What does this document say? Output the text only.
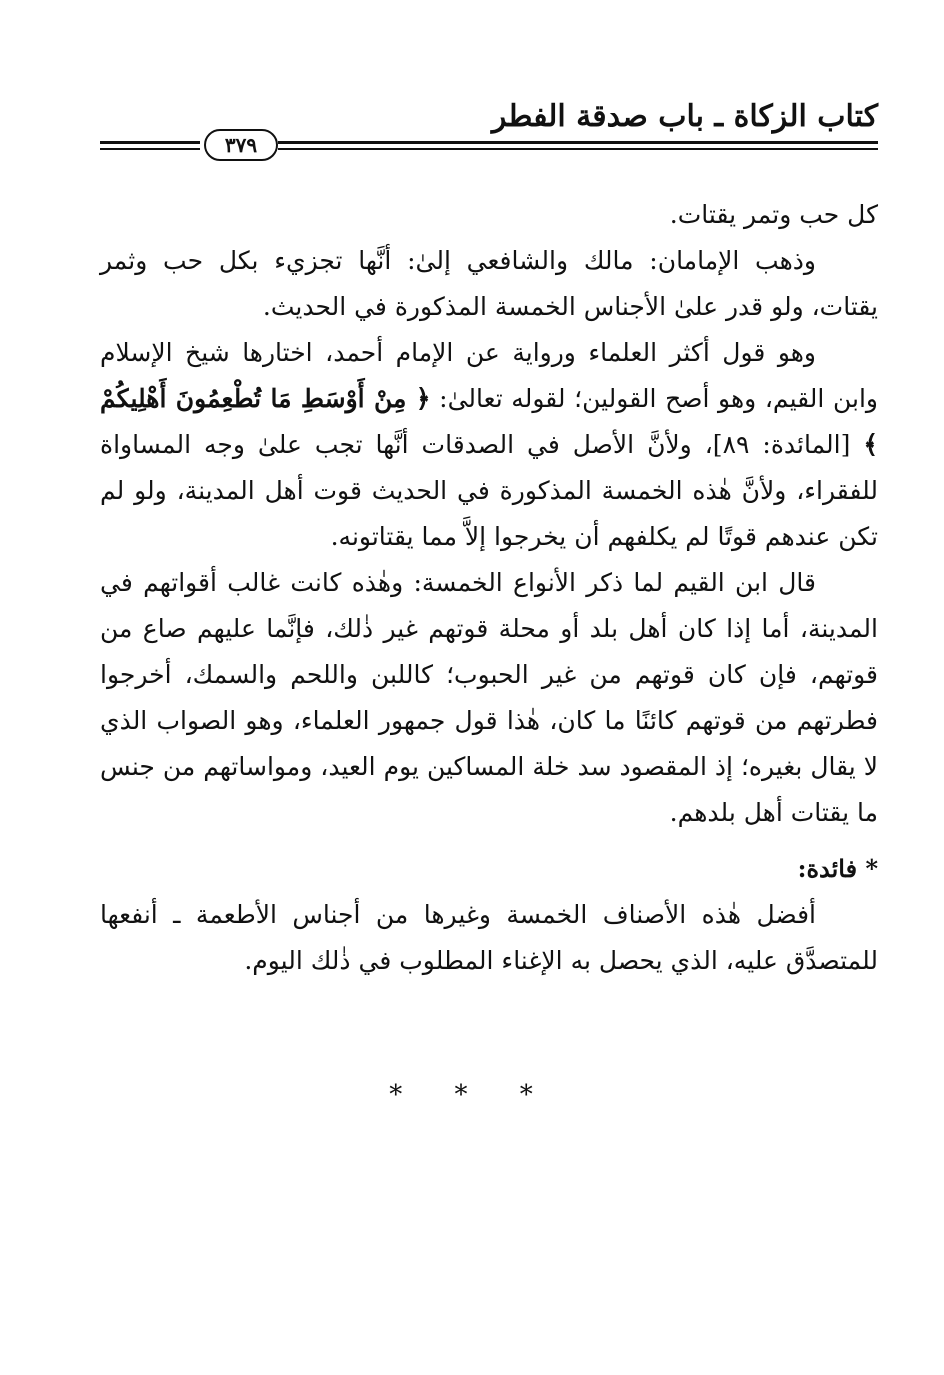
كتاب الزكاة ـ باب صدقة الفطر
٣٧٩

كل حب وتمر يقتات.

وذهب الإمامان: مالك والشافعي إلىٰ: أنَّها تجزيء بكل حب وثمر يقتات، ولو قدر علىٰ الأجناس الخمسة المذكورة في الحديث.

وهو قول أكثر العلماء ورواية عن الإمام أحمد، اختارها شيخ الإسلام وابن القيم، وهو أصح القولين؛ لقوله تعالىٰ: ﴿ مِنْ أَوْسَطِ مَا تُطْعِمُونَ أَهْلِيكُمْ ﴾ [المائدة: ٨٩]، ولأنَّ الأصل في الصدقات أنَّها تجب علىٰ وجه المساواة للفقراء، ولأنَّ هٰذه الخمسة المذكورة في الحديث قوت أهل المدينة، ولو لم تكن عندهم قوتًا لم يكلفهم أن يخرجوا إلاَّ مما يقتاتونه.

قال ابن القيم لما ذكر الأنواع الخمسة: وهٰذه كانت غالب أقواتهم في المدينة، أما إذا كان أهل بلد أو محلة قوتهم غير ذٰلك، فإنَّما عليهم صاع من قوتهم، فإن كان قوتهم من غير الحبوب؛ كاللبن واللحم والسمك، أخرجوا فطرتهم من قوتهم كائنًا ما كان، هٰذا قول جمهور العلماء، وهو الصواب الذي لا يقال بغيره؛ إذ المقصود سد خلة المساكين يوم العيد، ومواساتهم من جنس ما يقتات أهل بلدهم.

* فائدة:

أفضل هٰذه الأصناف الخمسة وغيرها من أجناس الأطعمة ـ أنفعها للمتصدَّق عليه، الذي يحصل به الإغناء المطلوب في ذٰلك اليوم.

* * *
